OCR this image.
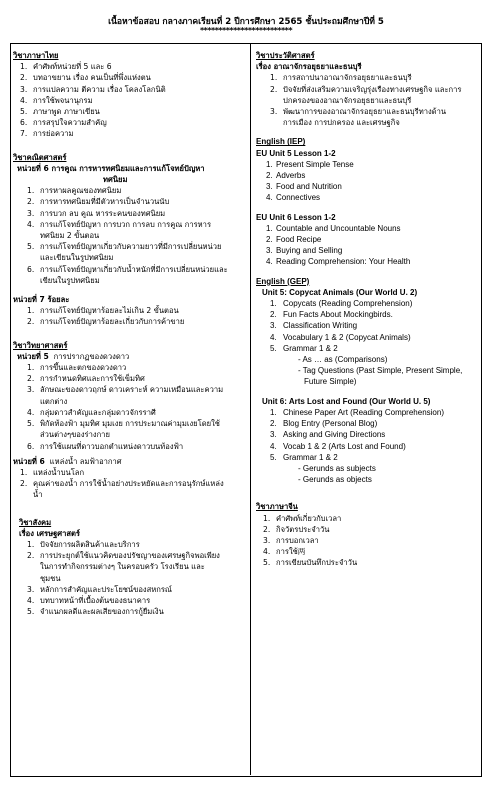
เนื้อหาข้อสอบ กลางภาคเรียนที่ 2 ปีการศึกษา 2565 ชั้นประถมศึกษาปีที่ 5
*************************
วิชาภาษาไทย
1. คำศัพท์หน่วยที่ 5 และ 6
2. บทอาขยาน เรื่อง คนเป็นที่พึ่งแห่งตน
3. การแปลความ ตีความ เรื่อง โคลงโลกนิติ
4. การใช้พจนานุกรม
5. ภาษาพูด ภาษาเขียน
6. การสรุปใจความสำคัญ
7. การย่อความ
วิชาคณิตศาสตร์
หน่วยที่ 6 การคูณ การหารทศนิยมและการแก้โจทย์ปัญหา
ทศนิยม
1. การหาผลคูณของทศนิยม
2. การหารทศนิยมที่มีตัวหารเป็นจำนวนนับ
3. การบวก ลบ คูณ หารระคนของทศนิยม
4. การแก้โจทย์ปัญหา การบวก การลบ การคูณ การหาร
ทศนิยม 2 ขั้นตอน
5. การแก้โจทย์ปัญหาเกี่ยวกับความยาวที่มีการเปลี่ยนหน่วย
และเขียนในรูปทศนิยม
6. การแก้โจทย์ปัญหาเกี่ยวกับน้ำหนักที่มีการเปลี่ยนหน่วยและ
เขียนในรูปทศนิยม
หน่วยที่ 7 ร้อยละ
1. การแก้โจทย์ปัญหาร้อยละไม่เกิน 2 ขั้นตอน
2. การแก้โจทย์ปัญหาร้อยละเกี่ยวกับการค้าขาย
วิชาวิทยาศาสตร์
หน่วยที่ 5 การปรากฏของดวงดาว
1. การขึ้นและตกของดวงดาว
2. การกำหนดทิศและการใช้เข็มทิศ
3. ลักษณะของดาวฤกษ์ ดาวเคราะห์ ความเหมือนและความ
แตกต่าง
4. กลุ่มดาวสำคัญและกลุ่มดาวจักรราศี
5. พิกัดท้องฟ้า มุมทิศ มุมเงย การประมาณค่ามุมเงยโดยใช้
ส่วนต่างๆของร่างกาย
6. การใช้แผนที่ดาวบอกตำแหน่งดาวบนท้องฟ้า
หน่วยที่ 6 แหล่งน้ำ ลมฟ้าอากาศ
1. แหล่งน้ำบนโลก
2. คุณค่าของน้ำ การใช้น้ำอย่างประหยัดและการอนุรักษ์แหล่ง
น้ำ
วิชาสังคม
เรื่อง เศรษฐศาสตร์
1. ปัจจัยการผลิตสินค้าและบริการ
2. การประยุกต์ใช้แนวคิดของปรัชญาของเศรษฐกิจพอเพียง
ในการทำกิจกรรมต่างๆ ในครอบครัว โรงเรียน และ
ชุมชน
3. หลักการสำคัญและประโยชน์ของสหกรณ์
4. บทบาทหน้าที่เบื้องต้นของธนาคาร
5. จำแนกผลดีและผลเสียของการกู้ยืมเงิน
วิชาประวัติศาสตร์
เรื่อง อาณาจักรอยุธยาและธนบุรี
1. การสถาปนาอาณาจักรอยุธยาและธนบุรี
2. ปัจจัยที่ส่งเสริมความเจริญรุ่งเรืองทางเศรษฐกิจ และการ
ปกครองของอาณาจักรอยุธยาและธนบุรี
3. พัฒนาการของอาณาจักรอยุธยาและธนบุรีทางด้าน
การเมือง การปกครอง และเศรษฐกิจ
English (IEP)
EU Unit 5 Lesson 1-2
1. Present Simple Tense
2. Adverbs
3. Food and Nutrition
4. Connectives
EU Unit 6 Lesson 1-2
1. Countable and Uncountable Nouns
2. Food Recipe
3. Buying and Selling
4. Reading Comprehension: Your Health
English (GEP)
Unit 5: Copycat Animals (Our World U. 2)
1. Copycats (Reading Comprehension)
2. Fun Facts About Mockingbirds.
3. Classification Writing
4. Vocabulary 1 & 2 (Copycat Animals)
5. Grammar 1 & 2
- As … as (Comparisons)
- Tag Questions (Past Simple, Present Simple,
Future Simple)
Unit 6: Arts Lost and Found (Our World U. 5)
1. Chinese Paper Art (Reading Comprehension)
2. Blog Entry (Personal Blog)
3. Asking and Giving Directions
4. Vocab 1 & 2 (Arts Lost and Found)
5. Grammar 1 & 2
- Gerunds as subjects
- Gerunds as objects
วิชาภาษาจีน
1. คำศัพท์เกี่ยวกับเวลา
2. กิจวัตรประจำวัน
3. การบอกเวลา
4. การใช้两
5. การเขียนบันทึกประจำวัน
